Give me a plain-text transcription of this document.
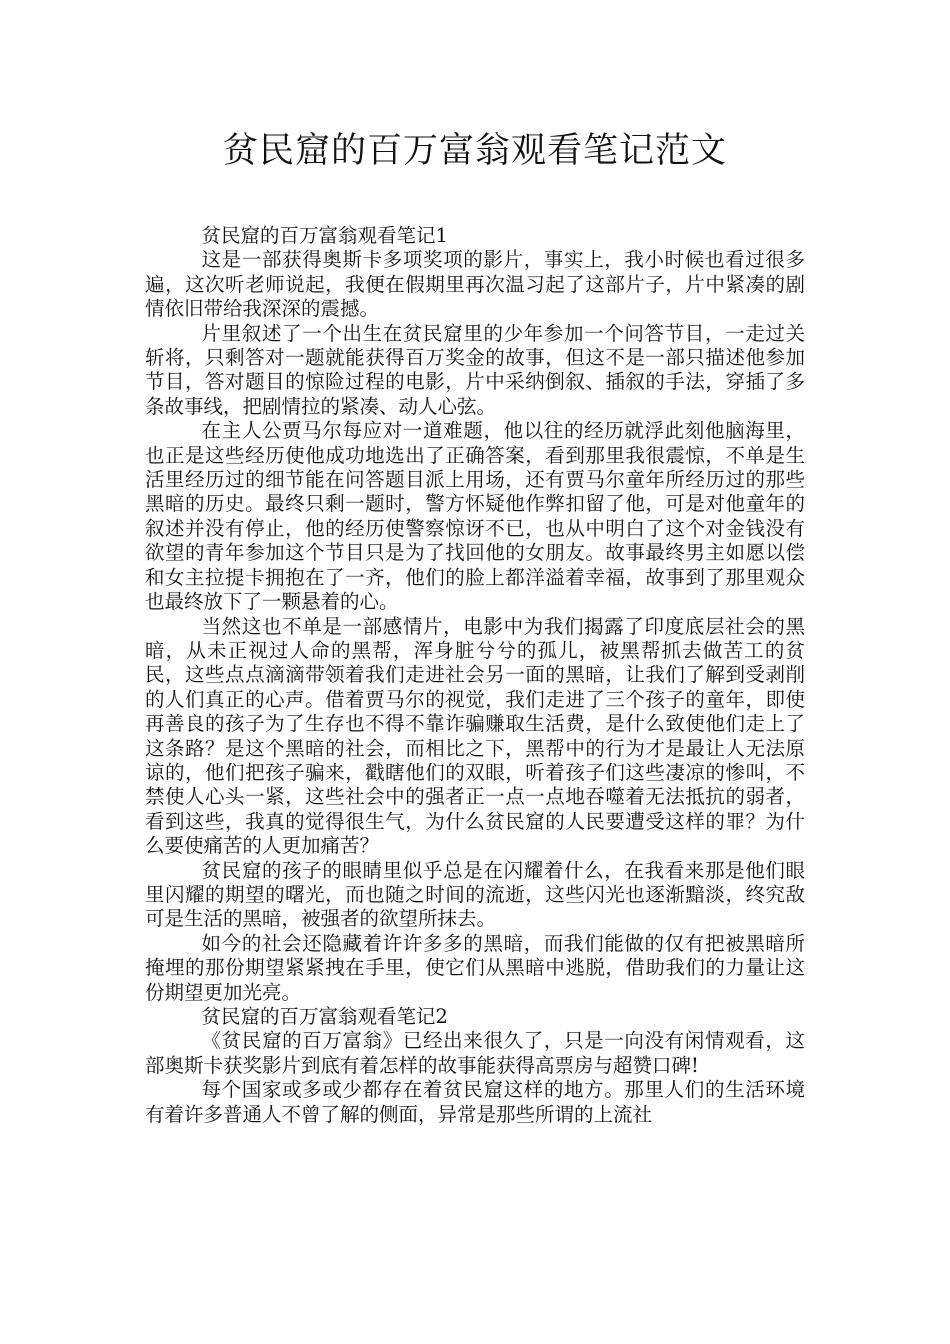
贫民窟的百万富翁观看笔记范文
贫民窟的百万富翁观看笔记1

这是一部获得奥斯卡多项奖项的影片，事实上，我小时候也看过很多遍，这次听老师说起，我便在假期里再次温习起了这部片子，片中紧凑的剧情依旧带给我深深的震撼。

片里叙述了一个出生在贫民窟里的少年参加一个问答节目，一走过关斩将，只剩答对一题就能获得百万奖金的故事，但这不是一部只描述他参加节目，答对题目的惊险过程的电影，片中采纳倒叙、插叙的手法，穿插了多条故事线，把剧情拉的紧凑、动人心弦。

在主人公贾马尔每应对一道难题，他以往的经历就浮此刻他脑海里，也正是这些经历使他成功地选出了正确答案，看到那里我很震惊，不单是生活里经历过的细节能在问答题目派上用场，还有贾马尔童年所经历过的那些黑暗的历史。最终只剩一题时，警方怀疑他作弊扣留了他，可是对他童年的叙述并没有停止，他的经历使警察惊讶不已，也从中明白了这个对金钱没有欲望的青年参加这个节目只是为了找回他的女朋友。故事最终男主如愿以偿和女主拉提卡拥抱在了一齐，他们的脸上都洋溢着幸福，故事到了那里观众也最终放下了一颗悬着的心。

当然这也不单是一部感情片，电影中为我们揭露了印度底层社会的黑暗，从未正视过人命的黑帮，浑身脏兮兮的孤儿，被黑帮抓去做苦工的贫民，这些点点滴滴带领着我们走进社会另一面的黑暗，让我们了解到受剥削的人们真正的心声。借着贾马尔的视觉，我们走进了三个孩子的童年，即使再善良的孩子为了生存也不得不靠诈骗赚取生活费，是什么致使他们走上了这条路？是这个黑暗的社会，而相比之下，黑帮中的行为才是最让人无法原谅的，他们把孩子骗来，戳瞎他们的双眼，听着孩子们这些凄凉的惨叫，不禁使人心头一紧，这些社会中的强者正一点一点地吞噬着无法抵抗的弱者，看到这些，我真的觉得很生气，为什么贫民窟的人民要遭受这样的罪？为什么要使痛苦的人更加痛苦？

贫民窟的孩子的眼睛里似乎总是在闪耀着什么，在我看来那是他们眼里闪耀的期望的曙光，而也随之时间的流逝，这些闪光也逐渐黯淡，终究敌可是生活的黑暗，被强者的欲望所抹去。

如今的社会还隐藏着许许多多的黑暗，而我们能做的仅有把被黑暗所掩埋的那份期望紧紧拽在手里，使它们从黑暗中逃脱，借助我们的力量让这份期望更加光亮。

贫民窟的百万富翁观看笔记2

《贫民窟的百万富翁》已经出来很久了，只是一向没有闲情观看，这部奥斯卡获奖影片到底有着怎样的故事能获得高票房与超赞口碑!

每个国家或多或少都存在着贫民窟这样的地方。那里人们的生活环境有着许多普通人不曾了解的侧面，异常是那些所谓的上流社
